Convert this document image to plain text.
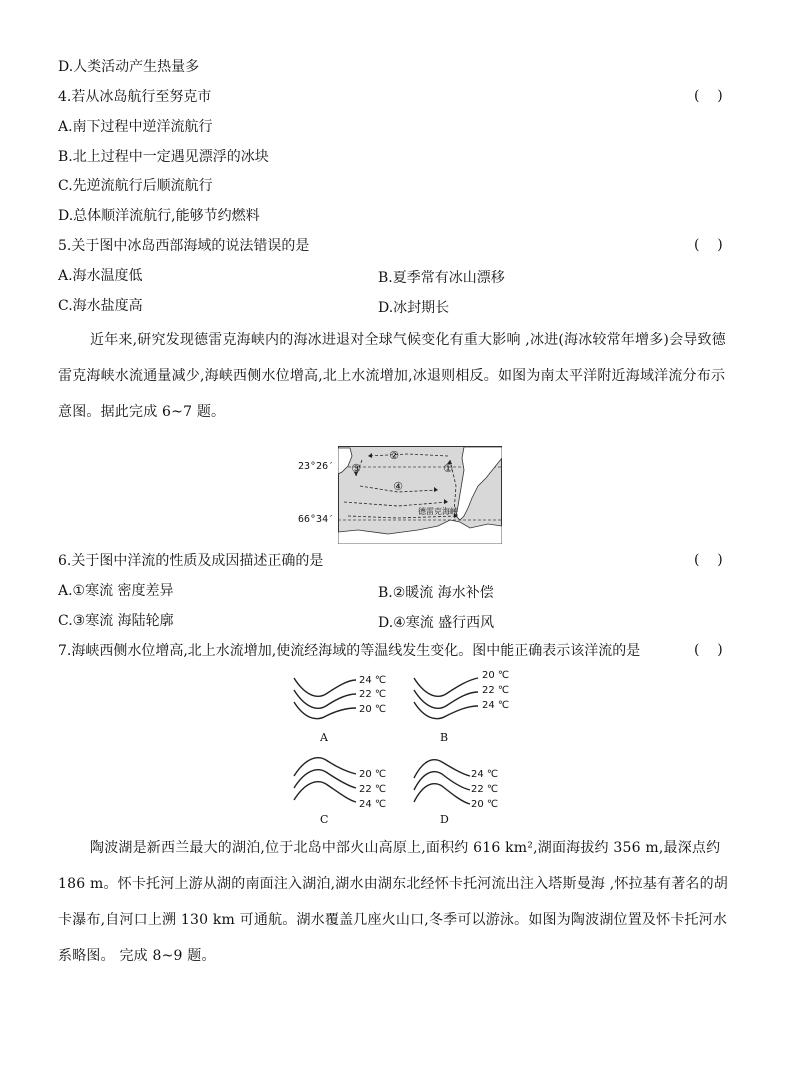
D.人类活动产生热量多
4.若从冰岛航行至努克市	(    )
A.南下过程中逆洋流航行
B.北上过程中一定遇见漂浮的冰块
C.先逆流航行后顺流航行
D.总体顺洋流航行,能够节约燃料
5.关于图中冰岛西部海域的说法错误的是	(    )
A.海水温度低	B.夏季常有冰山漂移
C.海水盐度高	D.冰封期长
近年来,研究发现德雷克海峡内的海冰进退对全球气候变化有重大影响 ,冰进(海冰较常年增多)会导致德雷克海峡水流通量减少,海峡西侧水位增高,北上水流增加,冰退则相反。如图为南太平洋附近海域洋流分布示意图。据此完成 6~7 题。
23°26′
66°34′
①
②
③
④
德雷克海峡
6.关于图中洋流的性质及成因描述正确的是	(    )
A.①寒流 密度差异	B.②暖流 海水补偿
C.③寒流 海陆轮廓	D.④寒流 盛行西风
7.海峡西侧水位增高,北上水流增加,使流经海域的等温线发生变化。图中能正确表示该洋流的是	(    )
24 ℃
22 ℃
20 ℃
A
20 ℃
22 ℃
24 ℃
B
20 ℃
22 ℃
24 ℃
C
24 ℃
22 ℃
20 ℃
D
陶波湖是新西兰最大的湖泊,位于北岛中部火山高原上,面积约 616 km²,湖面海拔约 356 m,最深点约 186 m。怀卡托河上游从湖的南面注入湖泊,湖水由湖东北经怀卡托河流出注入塔斯曼海 ,怀拉基有著名的胡卡瀑布,自河口上溯 130 km 可通航。湖水覆盖几座火山口,冬季可以游泳。如图为陶波湖位置及怀卡托河水系略图。 完成 8~9 题。
